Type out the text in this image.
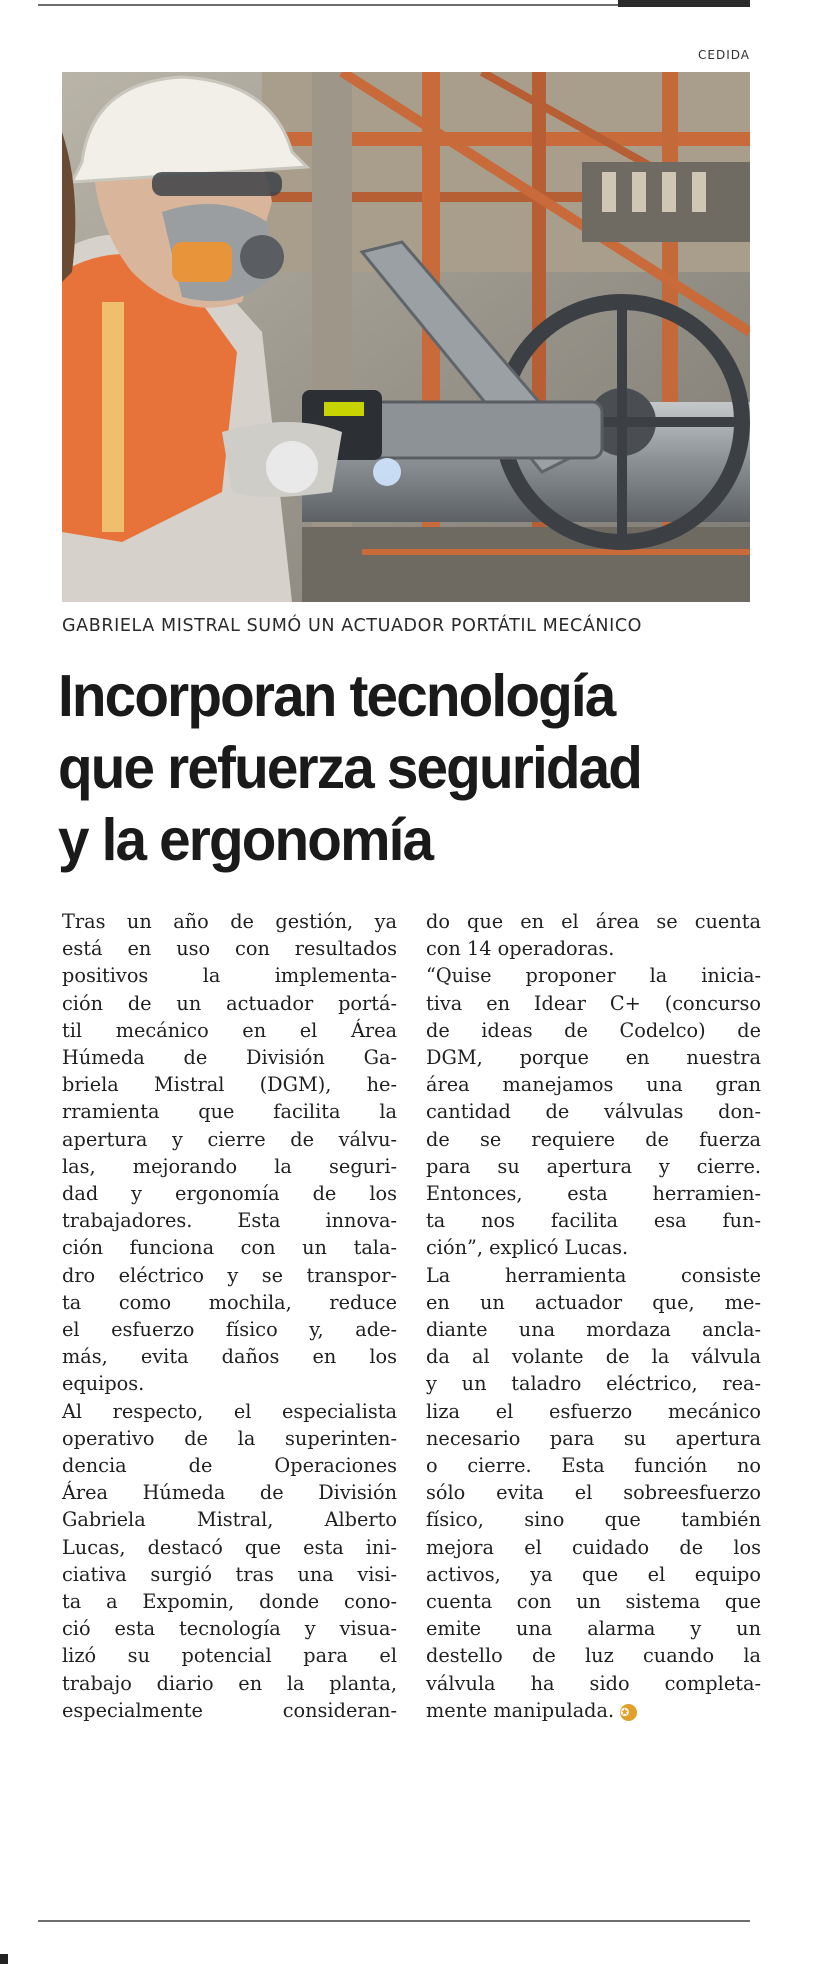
CEDIDA
GABRIELA MISTRAL SUMÓ UN ACTUADOR PORTÁTIL MECÁNICO
Incorporan tecnología
que refuerza seguridad
y la ergonomía
Tras un año de gestión, ya
está en uso con resultados
positivos la implementa-
ción de un actuador portá-
til mecánico en el Área
Húmeda de División Ga-
briela Mistral (DGM), he-
rramienta que facilita la
apertura y cierre de válvu-
las, mejorando la seguri-
dad y ergonomía de los
trabajadores. Esta innova-
ción funciona con un tala-
dro eléctrico y se transpor-
ta como mochila, reduce
el esfuerzo físico y, ade-
más, evita daños en los
equipos.
Al respecto, el especialista
operativo de la superinten-
dencia de Operaciones
Área Húmeda de División
Gabriela Mistral, Alberto
Lucas, destacó que esta ini-
ciativa surgió tras una visi-
ta a Expomin, donde cono-
ció esta tecnología y visua-
lizó su potencial para el
trabajo diario en la planta,
especialmente consideran-
do que en el área se cuenta
con 14 operadoras.
“Quise proponer la inicia-
tiva en Idear C+ (concurso
de ideas de Codelco) de
DGM, porque en nuestra
área manejamos una gran
cantidad de válvulas don-
de se requiere de fuerza
para su apertura y cierre.
Entonces, esta herramien-
ta nos facilita esa fun-
ción”, explicó Lucas.
La herramienta consiste
en un actuador que, me-
diante una mordaza ancla-
da al volante de la válvula
y un taladro eléctrico, rea-
liza el esfuerzo mecánico
necesario para su apertura
o cierre. Esta función no
sólo evita el sobreesfuerzo
físico, sino que también
mejora el cuidado de los
activos, ya que el equipo
cuenta con un sistema que
emite una alarma y un
destello de luz cuando la
válvula ha sido completa-
mente manipulada. ✪
